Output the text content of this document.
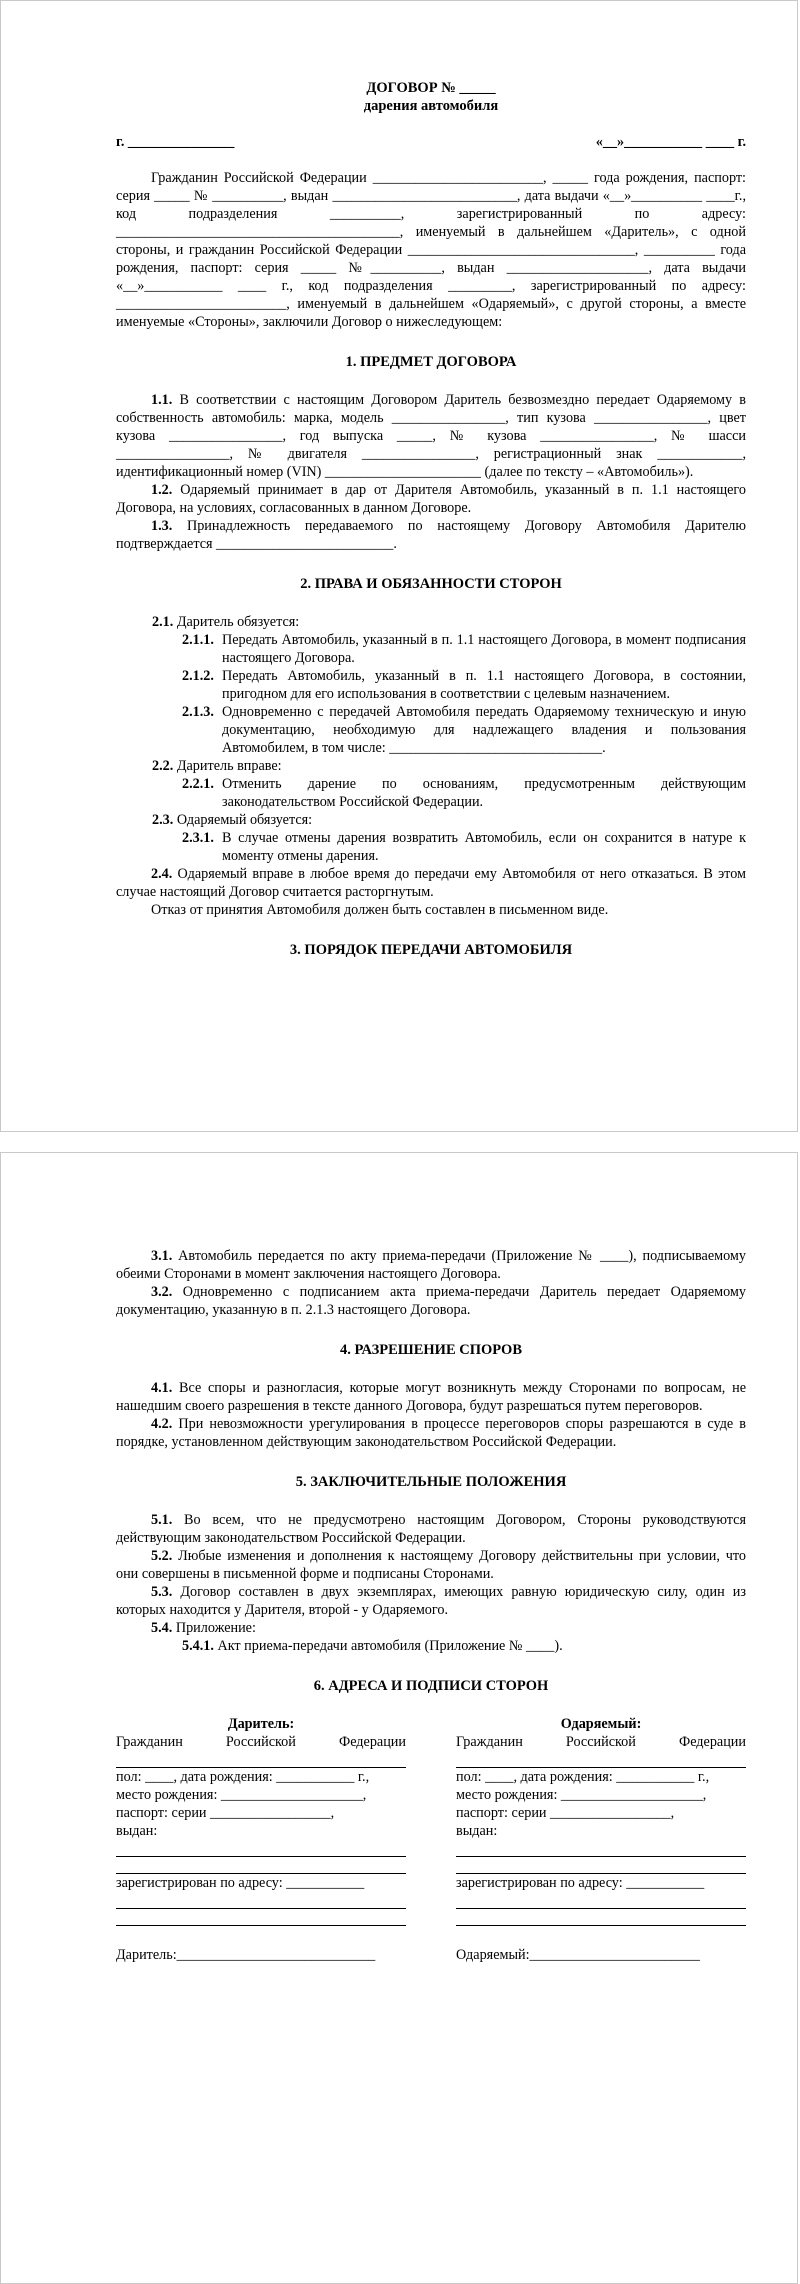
ДОГОВОР № _____

дарения автомобиля

г. _______________	«__»___________ ____ г.

Гражданин Российской Федерации ________________________, _____ года рождения, паспорт: серия _____ № __________, выдан __________________________, дата выдачи «__»__________ ____г., код подразделения __________, зарегистрированный по адресу: ________________________________________, именуемый в дальнейшем «Даритель», с одной стороны, и гражданин Российской Федерации ________________________________, __________ года рождения, паспорт: серия _____ №__________, выдан ____________________, дата выдачи «__»___________ ____ г., код подразделения _________, зарегистрированный по адресу: ________________________, именуемый в дальнейшем «Одаряемый», с другой стороны, а вместе именуемые «Стороны», заключили Договор о нижеследующем:

1. ПРЕДМЕТ ДОГОВОРА

1.1. В соответствии с настоящим Договором Даритель безвозмездно передает Одаряемому в собственность автомобиль: марка, модель ________________, тип кузова ________________, цвет кузова ________________, год выпуска _____, № кузова ________________, № шасси ________________, № двигателя ________________, регистрационный знак ____________, идентификационный номер (VIN) ______________________ (далее по тексту – «Автомобиль»).

1.2. Одаряемый принимает в дар от Дарителя Автомобиль, указанный в п. 1.1 настоящего Договора, на условиях, согласованных в данном Договоре.

1.3. Принадлежность передаваемого по настоящему Договору Автомобиля Дарителю подтверждается _________________________.

2. ПРАВА И ОБЯЗАННОСТИ СТОРОН

2.1. Даритель обязуется:

2.1.1. Передать Автомобиль, указанный в п. 1.1 настоящего Договора, в момент подписания настоящего Договора.
2.1.2. Передать Автомобиль, указанный в п. 1.1 настоящего Договора, в состоянии, пригодном для его использования в соответствии с целевым назначением.
2.1.3. Одновременно с передачей Автомобиля передать Одаряемому техническую и иную документацию, необходимую для надлежащего владения и пользования Автомобилем, в том числе: ______________________________.

2.2. Даритель вправе:

2.2.1. Отменить дарение по основаниям, предусмотренным действующим законодательством Российской Федерации.

2.3. Одаряемый обязуется:

2.3.1. В случае отмены дарения возвратить Автомобиль, если он сохранится в натуре к моменту отмены дарения.

2.4. Одаряемый вправе в любое время до передачи ему Автомобиля от него отказаться. В этом случае настоящий Договор считается расторгнутым.

Отказ от принятия Автомобиля должен быть составлен в письменном виде.

3. ПОРЯДОК ПЕРЕДАЧИ АВТОМОБИЛЯ

3.1. Автомобиль передается по акту приема-передачи (Приложение № ____), подписываемому обеими Сторонами в момент заключения настоящего Договора.

3.2. Одновременно с подписанием акта приема-передачи Даритель передает Одаряемому документацию, указанную в п. 2.1.3 настоящего Договора.

4. РАЗРЕШЕНИЕ СПОРОВ

4.1. Все споры и разногласия, которые могут возникнуть между Сторонами по вопросам, не нашедшим своего разрешения в тексте данного Договора, будут разрешаться путем переговоров.

4.2. При невозможности урегулирования в процессе переговоров споры разрешаются в суде в порядке, установленном действующим законодательством Российской Федерации.

5. ЗАКЛЮЧИТЕЛЬНЫЕ ПОЛОЖЕНИЯ

5.1. Во всем, что не предусмотрено настоящим Договором, Стороны руководствуются действующим законодательством Российской Федерации.

5.2. Любые изменения и дополнения к настоящему Договору действительны при условии, что они совершены в письменной форме и подписаны Сторонами.

5.3. Договор составлен в двух экземплярах, имеющих равную юридическую силу, один из которых находится у Дарителя, второй - у Одаряемого.

5.4. Приложение:

5.4.1. Акт приема-передачи автомобиля (Приложение № ____).

6. АДРЕСА И ПОДПИСИ СТОРОН

Даритель:
Гражданин Российской Федерации
пол: ____, дата рождения: ___________ г.,
место рождения: ____________________,
паспорт: серии _________________,
выдан:
зарегистрирован по адресу: ___________
Даритель:____________________________
Одаряемый:
Гражданин Российской Федерации
пол: ____, дата рождения: ___________ г.,
место рождения: ____________________,
паспорт: серии _________________,
выдан:
зарегистрирован по адресу: ___________
Одаряемый:________________________
